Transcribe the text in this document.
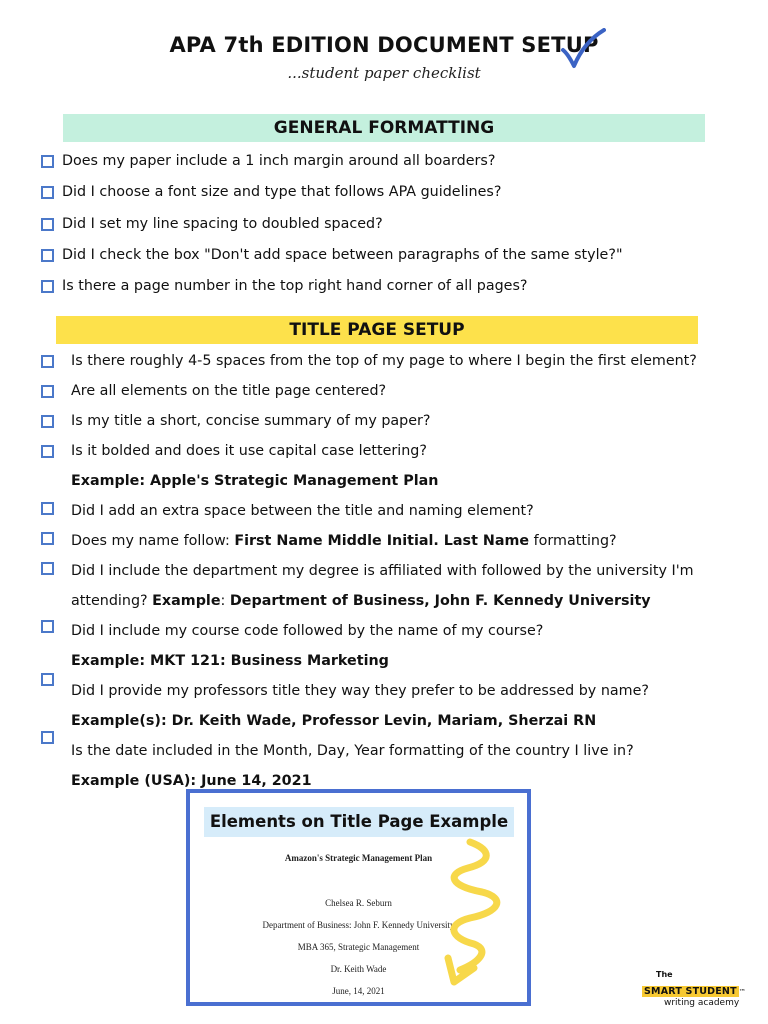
APA 7th EDITION DOCUMENT SETUP
...student paper checklist
GENERAL FORMATTING
Does my paper include a 1 inch margin around all boarders?
Did I choose a font size and type that follows APA guidelines?
Did I set my line spacing to doubled spaced?
Did I check the box "Don't add space between paragraphs of the same style?"
Is there a page number in the top right hand corner of all pages?
TITLE PAGE SETUP
Is there roughly 4-5 spaces from the top of my page to where I begin the first element?
Are all elements on the title page centered?
Is my title a short, concise summary of my paper?
Is it bolded and does it use capital case lettering?
Example: Apple's Strategic Management Plan
Did I add an extra space between the title and naming element?
Does my name follow: First Name Middle Initial. Last Name formatting?
Did I include the department my degree is affiliated with followed by the university I'm
attending? Example: Department of Business, John F. Kennedy University
Did I include my course code followed by the name of my course?
Example: MKT 121: Business Marketing
Did I provide my professors title they way they prefer to be addressed by name?
Example(s): Dr. Keith Wade, Professor Levin, Mariam, Sherzai RN
Is the date included in the Month, Day, Year formatting of the country I live in?
Example (USA): June 14, 2021
Elements on Title Page Example
Amazon's Strategic Management Plan
Chelsea R. Seburn
Department of Business: John F. Kennedy University
MBA 365, Strategic Management
Dr. Keith Wade
June, 14, 2021
The
SMART STUDENT ™
writing academy
